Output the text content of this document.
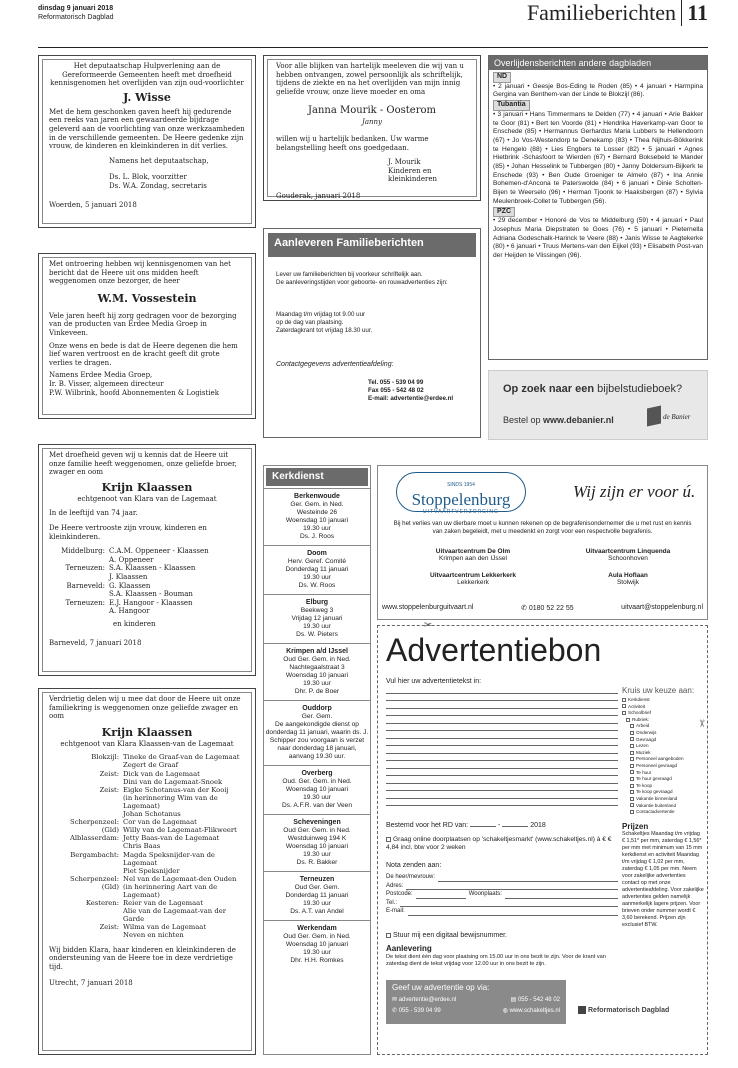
dinsdag 9 januari 2018
Reformatorisch Dagblad	Familieberichten 11
Het deputaatschap Hulpverlening aan de Gereformeerde Gemeenten heeft met droefheid kennisgenomen het overlijden van zijn oud-voorlichter
J. Wisse
Met de hem geschonken gaven heeft hij gedurende een reeks van jaren een gewaardeerde bijdrage geleverd aan de voorlichting van onze werkzaamheden in de verschillende gemeenten. De Heere gedenke zijn vrouw, de kinderen en kleinkinderen in dit verlies.
Namens het deputaatschap,
Ds. L. Blok, voorzitter
Ds. W.A. Zondag, secretaris
Woerden, 5 januari 2018
Voor alle blijken van hartelijk meeleven die wij van u hebben ontvangen, zowel persoonlijk als schriftelijk, tijdens de ziekte en na het overlijden van mijn innig geliefde vrouw, onze lieve moeder en oma
Janna Mourik - Oosterom
Janny
willen wij u hartelijk bedanken. Uw warme belangstelling heeft ons goedgedaan.
J. Mourik
Kinderen en kleinkinderen
Gouderak, januari 2018
Overlijdensberichten andere dagbladen
ND
• 2 januari • Geesje Bos-Eding te Roden (85) • 4 januari • Harmpina Gergina van Benthem-van der Linde te Blokzijl (86).
Tubantia
• 3 januari • Hans Timmermans te Delden (77) • 4 januari • Arie Bakker te Goor (81) • Bert ten Voorde (81) • Hendrika Haverkamp-van Goor te Enschede (85) • Hermannus Gerhardus Maria Lubbers te Hellendoorn (67) • Jo Vos-Westendorp te Denekamp (83) • Thea Nijhuis-Bökkerink te Hengelo (88) • Lies Engbers te Losser (82) • 5 januari • Agnes Hietbrink -Schasfoort te Wierden (67) • Bernard Boksebeld te Mander (85) • Johan Hesselink te Tubbergen (80) • Janny Doldersum-Bijkerk te Enschede (93) • Ben Oude Groeniger te Almelo (87) • Ina Annie Bohemen-d'Ancona te Paterswolde (84) • 6 januari • Dinie Scholten-Bijen te Weerselo (96) • Herman Tjoonk te Haaksbergen (87) • Sylvia Meulenbroek-Collet te Tubbergen (56).
PZC
• 29 december • Honoré de Vos te Middelburg (59) • 4 januari • Paul Josephus Maria Diepstraten te Goes (76) • 5 januari • Pieternella Adriana Godeschalk-Harinck te Veere (88) • Janis Wisse te Aagtekerke (80) • 6 januari • Truus Mertens-van den Eijkel (93) • Elisabeth Post-van der Heijden te Vlissingen (96).
Aanleveren Familieberichten
Lever uw familieberichten bij voorkeur schriftelijk aan.
De aanleveringstijden voor geboorte- en rouwadvertenties zijn:
Maandag t/m vrijdag tot 9.00 uur
op de dag van plaatsing.
Zaterdagkrant tot vrijdag 18.30 uur.
Contactgegevens advertentieafdeling:
Tel. 055 - 539 04 99
Fax 055 - 542 48 02
E-mail: advertentie@erdee.nl
Met ontroering hebben wij kennisgenomen van het bericht dat de Heere uit ons midden heeft weggenomen onze bezorger, de heer
W.M. Vossestein
Vele jaren heeft hij zorg gedragen voor de bezorging van de producten van Erdee Media Groep in Vinkeveen.
Onze wens en bede is dat de Heere degenen die hem lief waren vertroost en de kracht geeft dit grote verlies te dragen.
Namens Erdee Media Groep,
Ir. B. Visser, algemeen directeur
P.W. Wilbrink, hoofd Abonnementen & Logistiek	Op zoek naar een bijbelstudieboek?
Bestel op www.debanier.nl	de Banier
Met droefheid geven wij u kennis dat de Heere uit onze familie heeft weggenomen, onze geliefde broer, zwager en oom
Krijn Klaassen
echtgenoot van Klara van de Lagemaat
In de leeftijd van 74 jaar.
De Heere vertrooste zijn vrouw, kinderen en kleinkinderen.
Middelburg: C.A.M. Oppeneer - Klaassen
A. Oppeneer
Terneuzen: S.A. Klaassen - Klaassen
J. Klaassen
Barneveld: G. Klaassen
S.A. Klaassen - Bouman
Terneuzen: E.J. Hangoor - Klaassen
A. Hangoor
en kinderen
Barneveld, 7 januari 2018
Kerkdienst
Berkenwoude
Ger. Gem. in Ned.
Westeinde 26
Woensdag 10 januari
19.30 uur
Ds. J. Roos
Doom
Herv. Geref. Comité
Donderdag 11 januari
19.30 uur
Ds. W. Roos
Elburg
Beekweg 3
Vrijdag 12 januari
19.30 uur
Ds. W. Pieters
Krimpen a/d IJssel
Oud Ger. Gem. in Ned.
Nachtegaalstraat 3
Woensdag 10 januari
19.30 uur
Dhr. P. de Boer
Ouddorp
Ger. Gem.
De aangekondigde dienst op donderdag 11 januari, waarin ds. J. Schipper zou voorgaan is verzet naar donderdag 18 januari, aanvang 19.30 uur.
Overberg
Oud. Ger. Gem. in Ned.
Woensdag 10 januari
19.30 uur
Ds. A.F.R. van der Veen
Scheveningen
Oud Ger. Gem. in Ned.
Westduinweg 194 K
Woensdag 10 januari
19.30 uur
Ds. R. Bakker
Terneuzen
Oud Ger. Gem.
Donderdag 11 januari
19.30 uur
Ds. A.T. van Andel
Werkendam
Oud Ger. Gem. in Ned.
Woensdag 10 januari
19.30 uur
Dhr. H.H. Romkes
SINDS 1954
Stoppelenburg
UITVAARTVERZORGING
Wij zijn er voor ú.
Bij het verlies van uw dierbare moet u kunnen rekenen op de begrafenisondernemer die u met rust en kennis van zaken begeleidt, met u meedenkt en zorgt voor een respectvolle begrafenis.
Uitvaartcentrum De Olm
Krimpen aan den IJssel
Uitvaartcentrum Linquenda
Schoonhoven
Uitvaartcentrum Lekkerkerk
Lekkerkerk
Aula Hoflaan
Stolwijk
www.stoppelenburguitvaart.nl	✆ 0180 52 22 55	uitvaart@stoppelenburg.nl
Verdrietig delen wij u mee dat door de Heere uit onze familiekring is weggenomen onze geliefde zwager en oom
Krijn Klaassen
echtgenoot van Klara Klaassen-van de Lagemaat
Blokzijl: Tineke de Graaf-van de Lagemaat
Zegert de Graaf
Zeist: Dick van de Lagemaat
Dini van de Lagemaat-Snoek
Zeist: Eigke Schotanus-van der Kooij
(in herinnering Wim van de Lagemaat)
Johan Schotanus
Scherpenzeel: Cor van de Lagemaat
(Gld) Willy van de Lagemaat-Flikweert
Alblasserdam: Jetty Baas-van de Lagemaat
Chris Baas
Bergambacht: Magda Speksnijder-van de Lagemaat
Piet Speksnijder
Scherpenzeel: Nel van de Lagemaat-den Ouden
(Gld) (in herinnering Aart van de Lagemaat)
Kesteren: Reier van de Lagemaat
Alie van de Lagemaat-van der Garde
Zeist: Wilma van de Lagemaat
Neven en nichten
Wij bidden Klara, haar kinderen en kleinkinderen de ondersteuning van de Heere toe in deze verdrietige tijd.
Utrecht, 7 januari 2018
✂
✂
Advertentiebon
Vul hier uw advertentietekst in:
Kruis uw keuze aan:
Kerkdienst
Activiteit
Schoolbrief
Rubriek:
Arbeid
Onderwijs
Gevraagd
Lezen
Muziek
Personeel aangeboden
Personeel gevraagd
Te huur
Te huur gevraagd
Te koop
Te koop gevraagd
Vakantie binnenland
Vakantie buitenland
Contactadvertentie
Prijzen
Schakeltjes Maandag t/m vrijdag € 1,51* per mm, zaterdag € 1,56* per mm met minimum van 15 mm kerkdienst en activiteit Maandag t/m vrijdag € 1,02 per mm, zaterdag € 1,05 per mm. Neem voor zakelijke advertenties contact op met onze advertentieafdeling. Voor zakelijke advertenties gelden namelijk aanmerkelijk lagere prijzen. Voor brieven onder nummer wordt € 3,60 berekend. Prijzen zijn exclusief BTW.
Bestemd voor het RD van:	-	2018
Graag online doorplaatsen op 'schakeltjesmarkt' (www.schakeltjes.nl) à € € 4,84 incl. btw voor 2 weken
Nota zenden aan:
De heer/mevrouw:
Adres:
Postcode:	Woonplaats:
Tel.:
E-mail:
Stuur mij een digitaal bewijsnummer.
Aanlevering
De tekst dient één dag voor plaatsing om 15.00 uur in ons bezit te zijn. Voor de krant van zaterdag dient de tekst vrijdag voor 12.00 uur in ons bezit te zijn.
Geef uw advertentie op via:
✉ advertentie@erdee.nl	▤ 055 - 542 48 02
✆ 055 - 539 04 99	◍ www.schakeltjes.nl	Reformatorisch Dagblad
